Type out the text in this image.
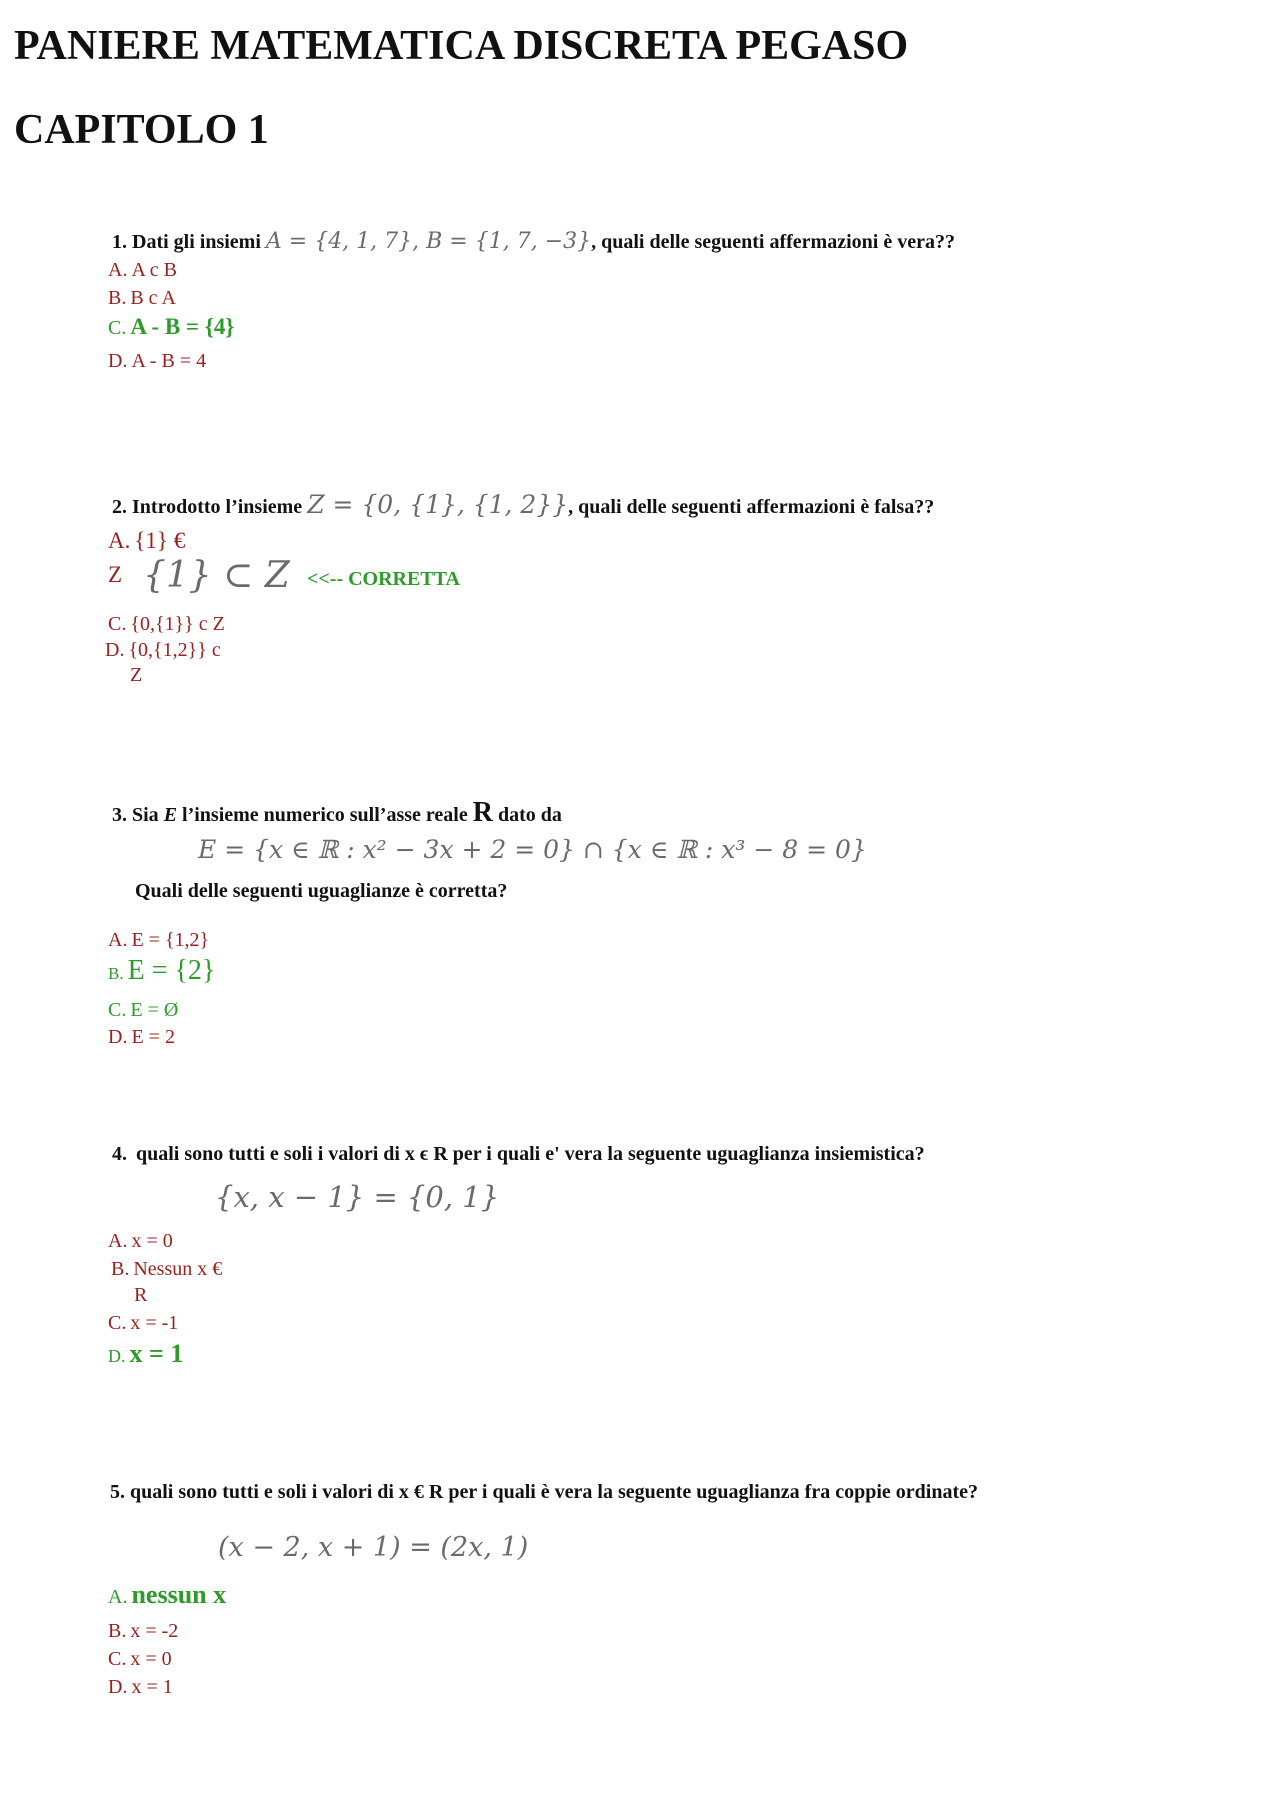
PANIERE MATEMATICA DISCRETA PEGASO
CAPITOLO 1
1. Dati gli insiemi A = {4, 1, 7}, B = {1, 7, −3}, quali delle seguenti affermazioni è vera??
A. A c B
B. B c A
C. A - B = {4}
D. A - B = 4
2. Introdotto l’insieme Z = {0, {1}, {1, 2}}, quali delle seguenti affermazioni è falsa??
A. {1} €
Z {1} ⊂ Z <<-- CORRETTA
C. {0,{1}} c Z
D. {0,{1,2}} c
Z
3. Sia E l’insieme numerico sull’asse reale R dato da
E = {x ∈ ℝ : x² − 3x + 2 = 0} ∩ {x ∈ ℝ : x³ − 8 = 0}
Quali delle seguenti uguaglianze è corretta?
A. E = {1,2}
B. E = {2}
C. E = Ø
D. E = 2
4. quali sono tutti e soli i valori di x ϵ R per i quali e' vera la seguente uguaglianza insiemistica?
{x, x − 1} = {0, 1}
A. x = 0
B. Nessun x €
R
C. x = -1
D. x = 1
5. quali sono tutti e soli i valori di x € R per i quali è vera la seguente uguaglianza fra coppie ordinate?
(x − 2, x + 1) = (2x, 1)
A. nessun x
B. x = -2
C. x = 0
D. x = 1
